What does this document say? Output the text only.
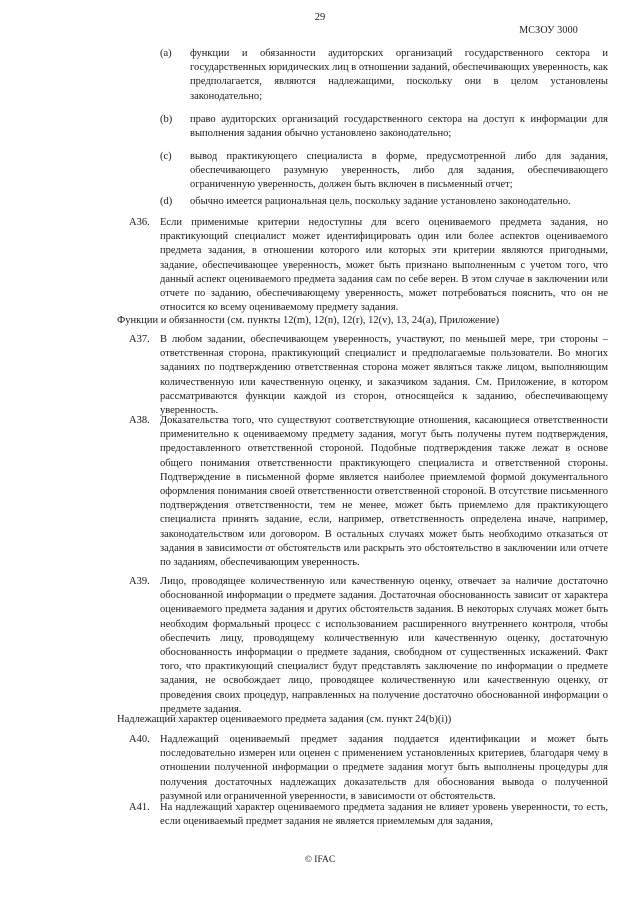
29
МСЗОУ 3000
(a) функции и обязанности аудиторских организаций государственного сектора и государственных юридических лиц в отношении заданий, обеспечивающих уверенность, как предполагается, являются надлежащими, поскольку они в целом установлены законодательно;
(b) право аудиторских организаций государственного сектора на доступ к информации для выполнения задания обычно установлено законодательно;
(c) вывод практикующего специалиста в форме, предусмотренной либо для задания, обеспечивающего разумную уверенность, либо для задания, обеспечивающего ограниченную уверенность, должен быть включен в письменный отчет;
(d) обычно имеется рациональная цель, поскольку задание установлено законодательно.
A36. Если применимые критерии недоступны для всего оцениваемого предмета задания, но практикующий специалист может идентифицировать один или более аспектов оцениваемого предмета задания, в отношении которого или которых эти критерии являются пригодными, задание, обеспечивающее уверенность, может быть признано выполненным с учетом того, что данный аспект оцениваемого предмета задания сам по себе верен. В этом случае в заключении или отчете по заданию, обеспечивающему уверенность, может потребоваться пояснить, что он не относится ко всему оцениваемому предмету задания.
Функции и обязанности (см. пункты 12(m), 12(n), 12(r), 12(v), 13, 24(a), Приложение)
A37. В любом задании, обеспечивающем уверенность, участвуют, по меньшей мере, три стороны – ответственная сторона, практикующий специалист и предполагаемые пользователи. Во многих заданиях по подтверждению ответственная сторона может являться также лицом, выполняющим количественную или качественную оценку, и заказчиком задания. См. Приложение, в котором рассматриваются функции каждой из сторон, относящейся к заданию, обеспечивающему уверенность.
A38. Доказательства того, что существуют соответствующие отношения, касающиеся ответственности применительно к оцениваемому предмету задания, могут быть получены путем подтверждения, предоставленного ответственной стороной. Подобные подтверждения также лежат в основе общего понимания ответственности практикующего специалиста и ответственной стороны. Подтверждение в письменной форме является наиболее приемлемой формой документального оформления понимания своей ответственности ответственной стороной. В отсутствие письменного подтверждения ответственности, тем не менее, может быть приемлемо для практикующего специалиста принять задание, если, например, ответственность определена иначе, например, законодательством или договором. В остальных случаях может быть необходимо отказаться от задания в зависимости от обстоятельств или раскрыть это обстоятельство в заключении или отчете по заданиям, обеспечивающим уверенность.
A39. Лицо, проводящее количественную или качественную оценку, отвечает за наличие достаточно обоснованной информации о предмете задания. Достаточная обоснованность зависит от характера оцениваемого предмета задания и других обстоятельств задания. В некоторых случаях может быть необходим формальный процесс с использованием расширенного внутреннего контроля, чтобы обеспечить лицу, проводящему количественную или качественную оценку, достаточную обоснованность информации о предмете задания, свободном от существенных искажений. Факт того, что практикующий специалист будут представлять заключение по информации о предмете задания, не освобождает лицо, проводящее количественную или качественную оценку, от проведения своих процедур, направленных на получение достаточно обоснованной информации о предмете задания.
Надлежащий характер оцениваемого предмета задания (см. пункт 24(b)(i))
A40. Надлежащий оцениваемый предмет задания поддается идентификации и может быть последовательно измерен или оценен с применением установленных критериев, благодаря чему в отношении полученной информации о предмете задания могут быть выполнены процедуры для получения достаточных надлежащих доказательств для обоснования вывода о полученной разумной или ограниченной уверенности, в зависимости от обстоятельств.
A41. На надлежащий характер оцениваемого предмета задания не влияет уровень уверенности, то есть, если оцениваемый предмет задания не является приемлемым для задания,
© IFAC
